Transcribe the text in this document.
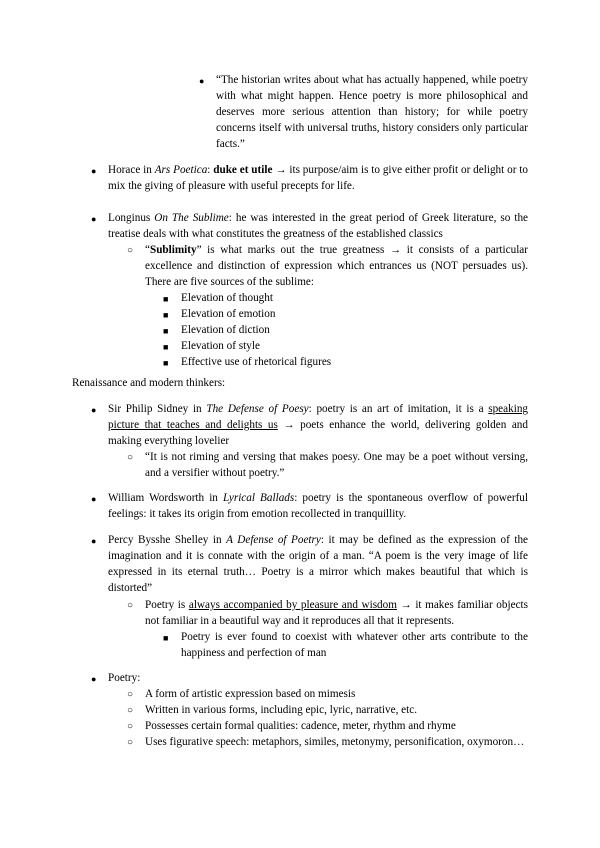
● “The historian writes about what has actually happened, while poetry with what might happen. Hence poetry is more philosophical and deserves more serious attention than history; for while poetry concerns itself with universal truths, history considers only particular facts.”
● Horace in Ars Poetica: duke et utile → its purpose/aim is to give either profit or delight or to mix the giving of pleasure with useful precepts for life.
● Longinus On The Sublime: he was interested in the great period of Greek literature, so the treatise deals with what constitutes the greatness of the established classics
○ “Sublimity” is what marks out the true greatness → it consists of a particular excellence and distinction of expression which entrances us (NOT persuades us). There are five sources of the sublime:
■ Elevation of thought
■ Elevation of emotion
■ Elevation of diction
■ Elevation of style
■ Effective use of rhetorical figures
Renaissance and modern thinkers:
● Sir Philip Sidney in The Defense of Poesy: poetry is an art of imitation, it is a speaking picture that teaches and delights us → poets enhance the world, delivering golden and making everything lovelier
○ “It is not riming and versing that makes poesy. One may be a poet without versing, and a versifier without poetry.”
● William Wordsworth in Lyrical Ballads: poetry is the spontaneous overflow of powerful feelings: it takes its origin from emotion recollected in tranquillity.
● Percy Bysshe Shelley in A Defense of Poetry: it may be defined as the expression of the imagination and it is connate with the origin of a man. “A poem is the very image of life expressed in its eternal truth… Poetry is a mirror which makes beautiful that which is distorted”
○ Poetry is always accompanied by pleasure and wisdom → it makes familiar objects not familiar in a beautiful way and it reproduces all that it represents.
■ Poetry is ever found to coexist with whatever other arts contribute to the happiness and perfection of man
● Poetry:
○ A form of artistic expression based on mimesis
○ Written in various forms, including epic, lyric, narrative, etc.
○ Possesses certain formal qualities: cadence, meter, rhythm and rhyme
○ Uses figurative speech: metaphors, similes, metonymy, personification, oxymoron…
